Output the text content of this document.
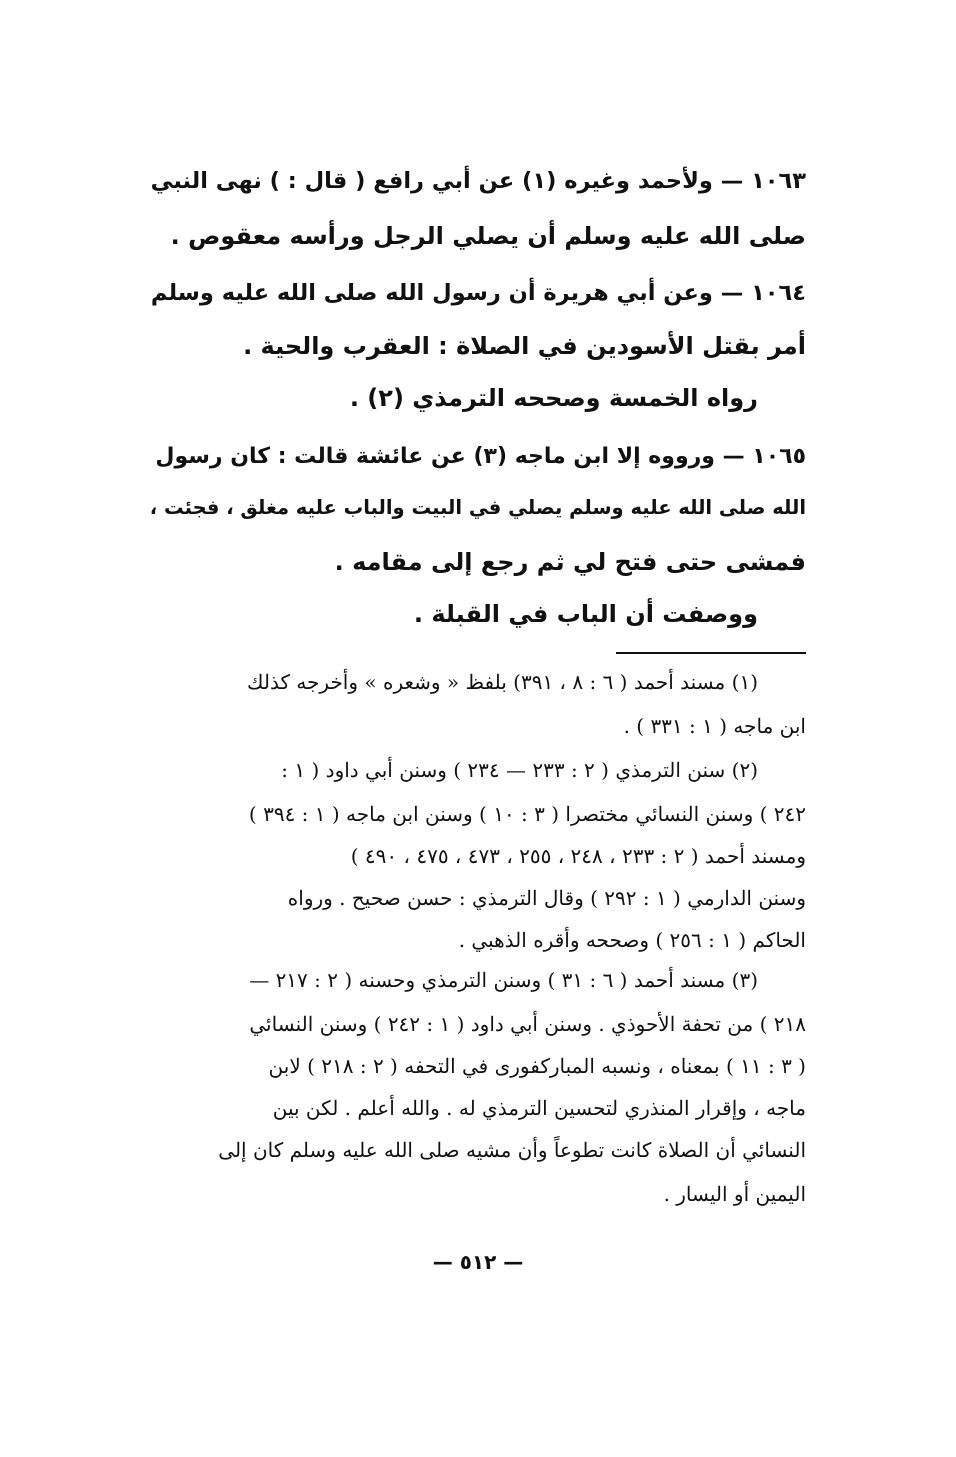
١٠٦٣ — ولأحمد وغيره (١) عن أبي رافع ( قال : ) نهى النبي
صلى الله عليه وسلم أن يصلي الرجل ورأسه معقوص .
١٠٦٤ — وعن أبي هريرة أن رسول الله صلى الله عليه وسلم
أمر بقتل الأسودين في الصلاة : العقرب والحية .
رواه الخمسة وصححه الترمذي (٢) .
١٠٦٥ — ورووه إلا ابن ماجه (٣) عن عائشة قالت : كان رسول
الله صلى الله عليه وسلم يصلي في البيت والباب عليه مغلق ، فجئت ،
فمشى حتى فتح لي ثم رجع إلى مقامه .
ووصفت أن الباب في القبلة .
(١) مسند أحمد ( ٦ : ٨ ، ٣٩١) بلفظ « وشعره » وأخرجه كذلك
ابن ماجه ( ١ : ٣٣١ ) .
(٢) سنن الترمذي ( ٢ : ٢٣٣ — ٢٣٤ ) وسنن أبي داود ( ١ :
٢٤٢ ) وسنن النسائي مختصرا ( ٣ : ١٠ ) وسنن ابن ماجه ( ١ : ٣٩٤ )
ومسند أحمد ( ٢ : ٢٣٣ ، ٢٤٨ ، ٢٥٥ ، ٤٧٣ ، ٤٧٥ ، ٤٩٠ )
وسنن الدارمي ( ١ : ٢٩٢ ) وقال الترمذي : حسن صحيح . ورواه
الحاكم ( ١ : ٢٥٦ ) وصححه وأقره الذهبي .
(٣) مسند أحمد ( ٦ : ٣١ ) وسنن الترمذي وحسنه ( ٢ : ٢١٧ —
٢١٨ ) من تحفة الأحوذي . وسنن أبي داود ( ١ : ٢٤٢ ) وسنن النسائي
( ٣ : ١١ ) بمعناه ، ونسبه المباركفورى في التحفه ( ٢ : ٢١٨ ) لابن
ماجه ، وإقرار المنذري لتحسين الترمذي له . والله أعلم . لكن بين
النسائي أن الصلاة كانت تطوعاً وأن مشيه صلى الله عليه وسلم كان إلى
اليمين أو اليسار .
— ٥١٢ —
